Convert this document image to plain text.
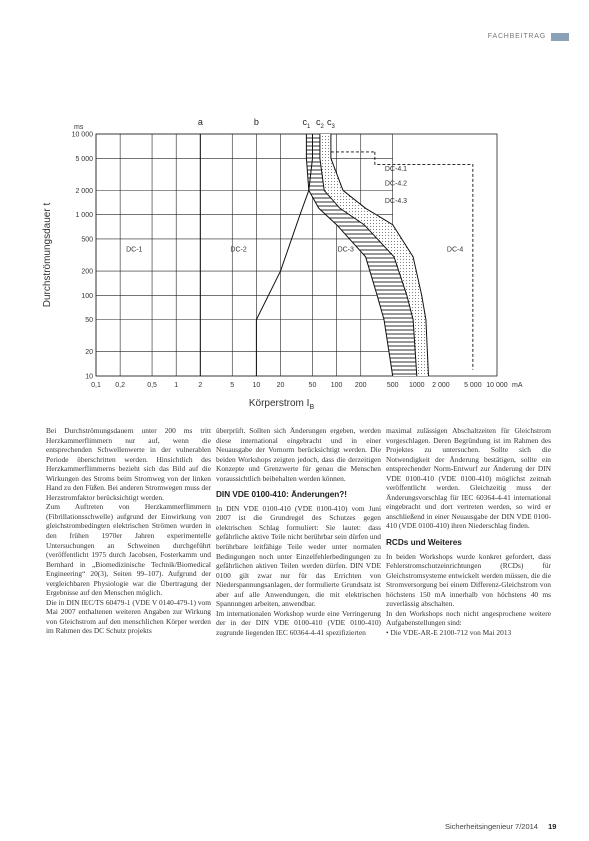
FACHBEITRAG
10 000
5 000
2 000
1 000
500
200
100
50
20
10
0,1 0,2	0,5 1	2	5	10 20	50 100 200	500 1000 2 000 5 000 10 000
ms
mA
Durchströmungsdauer t
Körperstrom $I_B$
a	b	$c_1$ $c_2$ $c_3$
DC-1	DC-2	DC-3	DC-4
DC-4.1
DC-4.2
DC-4.3

Bei Durchströmungsdauern unter 200 ms tritt Herzkammerflimmern nur auf, wenn die entsprechenden Schwellenwerte in der vulnerablen Periode überschritten werden. Hinsichtlich des Herzkammerflimmerns bezieht sich das Bild auf die Wirkungen des Stroms beim Stromweg von der linken Hand zu den Füßen. Bei anderen Stromwegen muss der Herzstromfaktor berücksichtigt werden.

Zum Auftreten von Herzkammerflimmern (Fibrillationsschwelle) aufgrund der Einwirkung von gleichstrombedingten elektrischen Strömen wurden in den frühen 1970er Jahren experimentelle Untersuchungen an Schweinen durchgeführt (veröffentlicht 1975 durch Jacobsen, Fosterkamm und Bernhard in „Biomedizinische Technik/Biomedical Engineering“ 20(3), Seiten 99–107). Aufgrund der vergleichbaren Physiologie war die Übertragung der Ergebnisse auf den Menschen möglich.

Die in DIN IEC/TS 60479-1 (VDE V 0140-479-1) vom Mai 2007 enthaltenen weiteren Angaben zur Wirkung von Gleichstrom auf den menschlichen Körper werden im Rahmen des DC Schutz projekts

überprüft. Sollten sich Änderungen ergeben, werden diese international eingebracht und in einer Neuausgabe der Vornorm berücksichtigt werden. Die beiden Workshops zeigten jedoch, dass die derzeitigen Konzepte und Grenzwerte für genau die Menschen voraussichtlich beibehalten werden können.

DIN VDE 0100-410: Änderungen?!

In DIN VDE 0100-410 (VDE 0100-410) vom Juni 2007 ist die Grundregel des Schutzes gegen elektrischen Schlag formuliert: Sie lautet: dass gefährliche aktive Teile nicht berührbar sein dürfen und berührbare leitfähige Teile weder unter normalen Bedingungen noch unter Einzelfehlerbedingungen zu gefährlichen aktiven Teilen werden dürfen. DIN VDE 0100 gilt zwar nur für das Errichten von Niederspannungsanlagen, der formulierte Grundsatz ist aber auf alle Anwendungen, die mit elektrischen Spannungen arbeiten, anwendbar.

Im internationalen Workshop wurde eine Verringerung der in der DIN VDE 0100-410 (VDE 0100-410) zugrunde liegenden IEC 60364-4-41 spezifizierten

maximal zulässigen Abschaltzeiten für Gleichstrom vorgeschlagen. Deren Begründung ist im Rahmen des Projektes zu untersuchen. Sollte sich die Notwendigkeit der Änderung bestätigen, sollte ein entsprechender Norm-Entwurf zur Änderung der DIN VDE 0100-410 (VDE 0100-410) möglichst zeitnah veröffentlicht werden. Gleichzeitig muss der Änderungsvorschlag für IEC 60364-4-41 international eingebracht und dort vertreten werden, so wird er anschließend in einer Neuausgabe der DIN VDE 0100-410 (VDE 0100-410) ihren Niederschlag finden.

RCDs und Weiteres

In beiden Workshops wurde konkret gefordert, dass Fehlerstromschutzeinrichtungen (RCDs) für Gleichstromsysteme entwickelt werden müssen, die die Stromversorgung bei einem Differenz-Gleichstrom von höchstens 150 mA innerhalb von höchstens 40 ms zuverlässig abschalten.

In den Workshops noch nicht angesprochene weitere Aufgabenstellungen sind:

• Die VDE-AR-E 2100-712 von Mai 2013

Sicherheitsingenieur 7/2014 19
